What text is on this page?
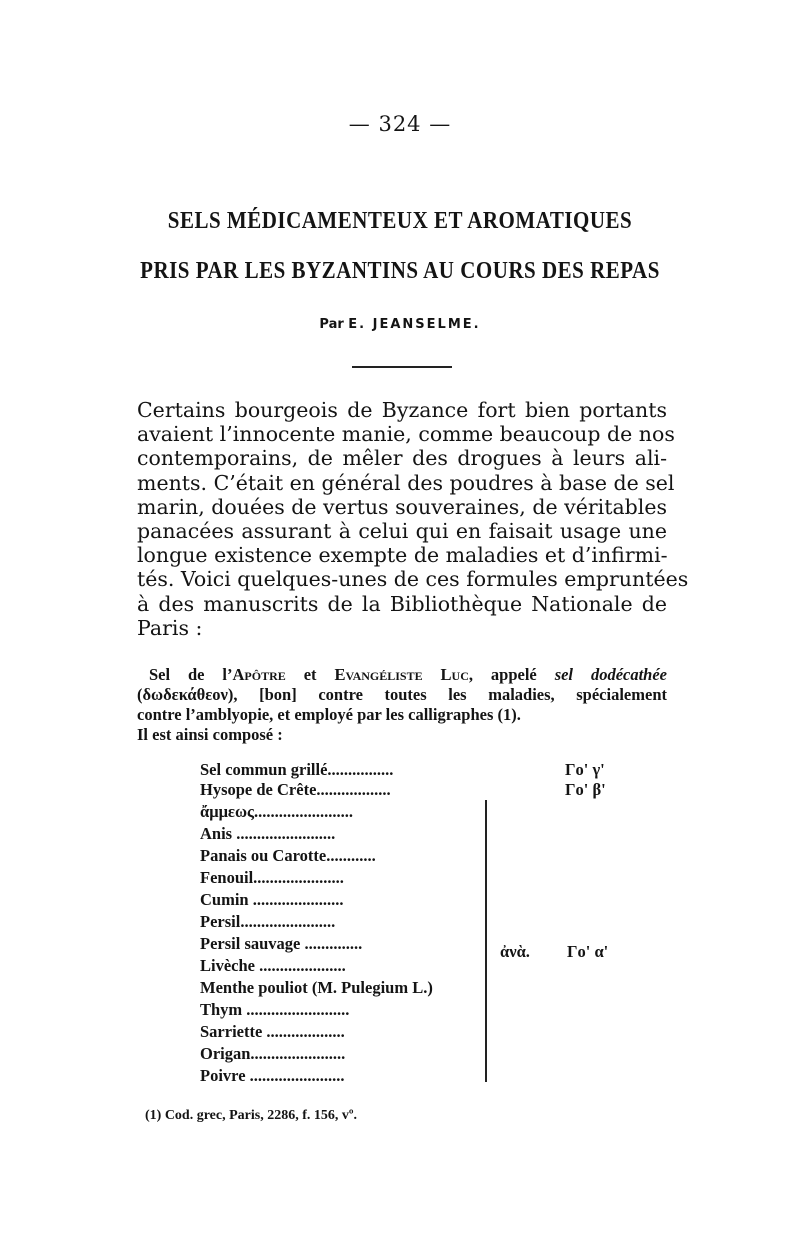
— 324 —
SELS MÉDICAMENTEUX ET AROMATIQUES
PRIS PAR LES BYZANTINS AU COURS DES REPAS
Par E. JEANSELME.
Certains bourgeois de Byzance fort bien portants
avaient l’innocente manie, comme beaucoup de nos
contemporains, de mêler des drogues à leurs ali-
ments. C’était en général des poudres à base de sel
marin, douées de vertus souveraines, de véritables
panacées assurant à celui qui en faisait usage une
longue existence exempte de maladies et d’infirmi-
tés. Voici quelques-unes de ces formules empruntées
à des manuscrits de la Bibliothèque Nationale de
Paris :
Sel de l’Apôtre et Evangéliste Luc, appelé sel dodécathée
(δωδεκάθεον), [bon] contre toutes les maladies, spécialement
contre l’amblyopie, et employé par les calligraphes (1).
Il est ainsi composé :
Sel commun grillé................	Γο' γ'
Hysope de Crête..................	Γο' β'
ἄμμεως........................
Anis ........................
Panais ou Carotte............
Fenouil......................
Cumin ......................
Persil.......................
Persil sauvage ..............
Livèche .....................
Menthe pouliot (M. Pulegium L.)
Thym .........................
Sarriette ...................
Origan.......................
Poivre .......................
ἀνὰ. Γο' α'
(1) Cod. grec, Paris, 2286, f. 156, vº.
